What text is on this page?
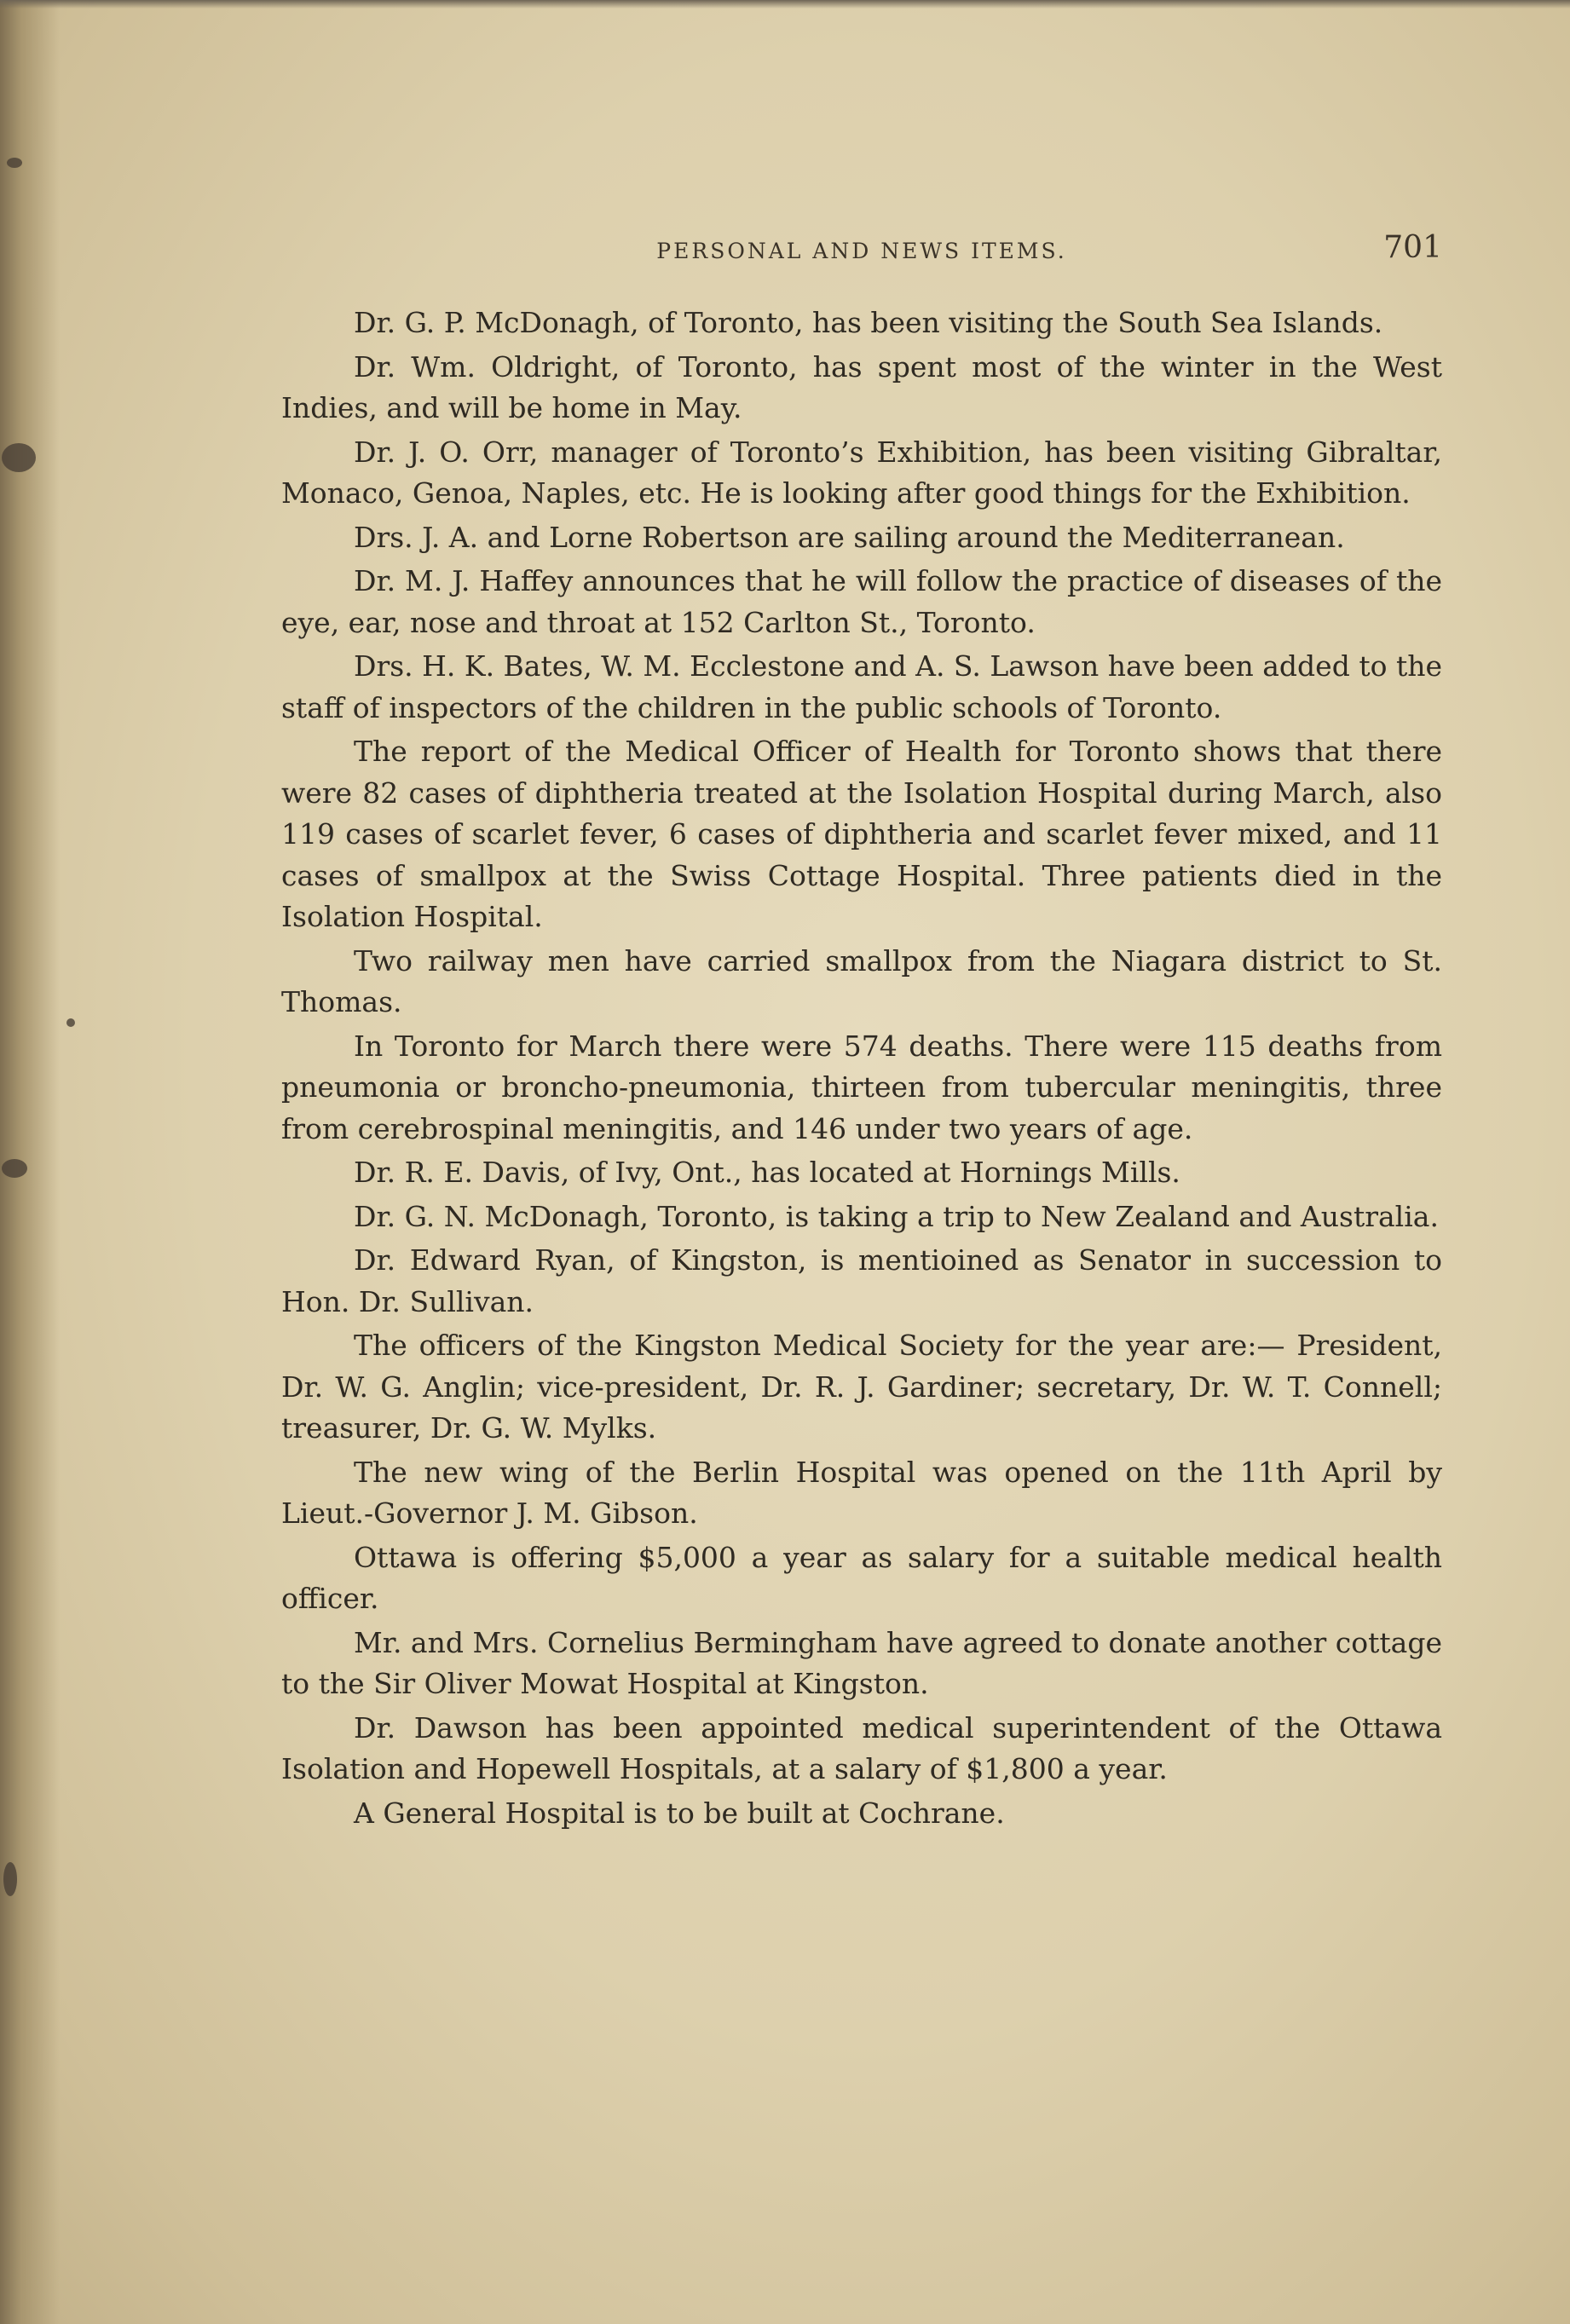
PERSONAL AND NEWS ITEMS.	701

Dr. G. P. McDonagh, of Toronto, has been visiting the South Sea Islands.

Dr. Wm. Oldright, of Toronto, has spent most of the winter in the West Indies, and will be home in May.

Dr. J. O. Orr, manager of Toronto’s Exhibition, has been visiting Gibraltar, Monaco, Genoa, Naples, etc. He is looking after good things for the Exhibition.

Drs. J. A. and Lorne Robertson are sailing around the Mediterranean.

Dr. M. J. Haffey announces that he will follow the practice of diseases of the eye, ear, nose and throat at 152 Carlton St., Toronto.

Drs. H. K. Bates, W. M. Ecclestone and A. S. Lawson have been added to the staff of inspectors of the children in the public schools of Toronto.

The report of the Medical Officer of Health for Toronto shows that there were 82 cases of diphtheria treated at the Isolation Hospital during March, also 119 cases of scarlet fever, 6 cases of diphtheria and scarlet fever mixed, and 11 cases of smallpox at the Swiss Cottage Hospital. Three patients died in the Isolation Hospital.

Two railway men have carried smallpox from the Niagara district to St. Thomas.

In Toronto for March there were 574 deaths. There were 115 deaths from pneumonia or broncho-pneumonia, thirteen from tubercular meningitis, three from cerebrospinal meningitis, and 146 under two years of age.

Dr. R. E. Davis, of Ivy, Ont., has located at Hornings Mills.

Dr. G. N. McDonagh, Toronto, is taking a trip to New Zealand and Australia.

Dr. Edward Ryan, of Kingston, is mentioined as Senator in succession to Hon. Dr. Sullivan.

The officers of the Kingston Medical Society for the year are:— President, Dr. W. G. Anglin; vice-president, Dr. R. J. Gardiner; secretary, Dr. W. T. Connell; treasurer, Dr. G. W. Mylks.

The new wing of the Berlin Hospital was opened on the 11th April by Lieut.-Governor J. M. Gibson.

Ottawa is offering $5,000 a year as salary for a suitable medical health officer.

Mr. and Mrs. Cornelius Bermingham have agreed to donate another cottage to the Sir Oliver Mowat Hospital at Kingston.

Dr. Dawson has been appointed medical superintendent of the Ottawa Isolation and Hopewell Hospitals, at a salary of $1,800 a year.

A General Hospital is to be built at Cochrane.
